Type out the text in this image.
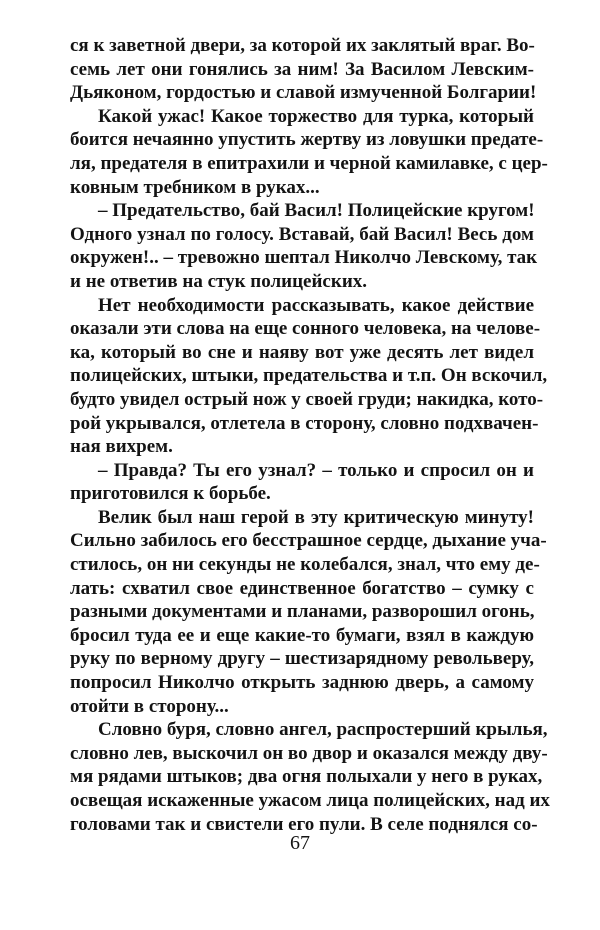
ся к заветной двери, за которой их заклятый враг. Во-
семь лет они гонялись за ним! За Василом Левским-
Дьяконом, гордостью и славой измученной Болгарии!
Какой ужас! Какое торжество для турка, который
боится нечаянно упустить жертву из ловушки предате-
ля, предателя в епитрахили и черной камилавке, с цер-
ковным требником в руках...
– Предательство, бай Васил! Полицейские кругом!
Одного узнал по голосу. Вставай, бай Васил! Весь дом
окружен!.. – тревожно шептал Николчо Левскому, так
и не ответив на стук полицейских.
Нет необходимости рассказывать, какое действие
оказали эти слова на еще сонного человека, на челове-
ка, который во сне и наяву вот уже десять лет видел
полицейских, штыки, предательства и т.п. Он вскочил,
будто увидел острый нож у своей груди; накидка, кото-
рой укрывался, отлетела в сторону, словно подхвачен-
ная вихрем.
– Правда? Ты его узнал? – только и спросил он и
приготовился к борьбе.
Велик был наш герой в эту критическую минуту!
Сильно забилось его бесстрашное сердце, дыхание уча-
стилось, он ни секунды не колебался, знал, что ему де-
лать: схватил свое единственное богатство – сумку с
разными документами и планами, разворошил огонь,
бросил туда ее и еще какие-то бумаги, взял в каждую
руку по верному другу – шестизарядному револьверу,
попросил Николчо открыть заднюю дверь, а самому
отойти в сторону...
Словно буря, словно ангел, распростерший крылья,
словно лев, выскочил он во двор и оказался между дву-
мя рядами штыков; два огня полыхали у него в руках,
освещая искаженные ужасом лица полицейских, над их
головами так и свистели его пули. В селе поднялся со-
67
